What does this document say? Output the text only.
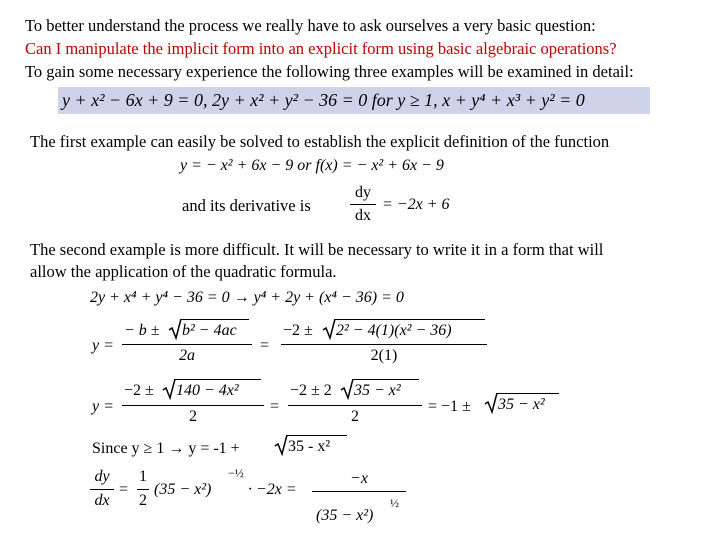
To better understand the process we really have to ask ourselves a very basic question:
Can I manipulate the implicit form into an explicit form using basic algebraic operations?
To gain some necessary experience the following three examples will be examined in detail:
y + x² − 6x + 9 = 0, 2y + x² + y² − 36 = 0 for y ≥ 1, x + y⁴ + x³ + y² = 0
The first example can easily be solved to establish the explicit definition of the function
y = − x² + 6x − 9 or f(x) = − x² + 6x − 9
and its derivative is
dy
dx
= −2x + 6
The second example is more difficult. It will be necessary to write it in a form that will
allow the application of the quadratic formula.
2y + x⁴ + y⁴ − 36 = 0 → y⁴ + 2y + (x⁴ − 36) = 0
y =
− b ± b² − 4ac
2a
=
−2 ± 2² − 4(1)(x² − 36)
2(1)
y =
−2 ± 140 − 4x²
2
=
−2 ± 2 35 − x²
2
= −1 ± 35 − x²
Since y ≥ 1 → y = -1 +	35 - x²
dy
dx
=
1
2
(35 − x²)
−½
· −2x =
−x
(35 − x²)
½
